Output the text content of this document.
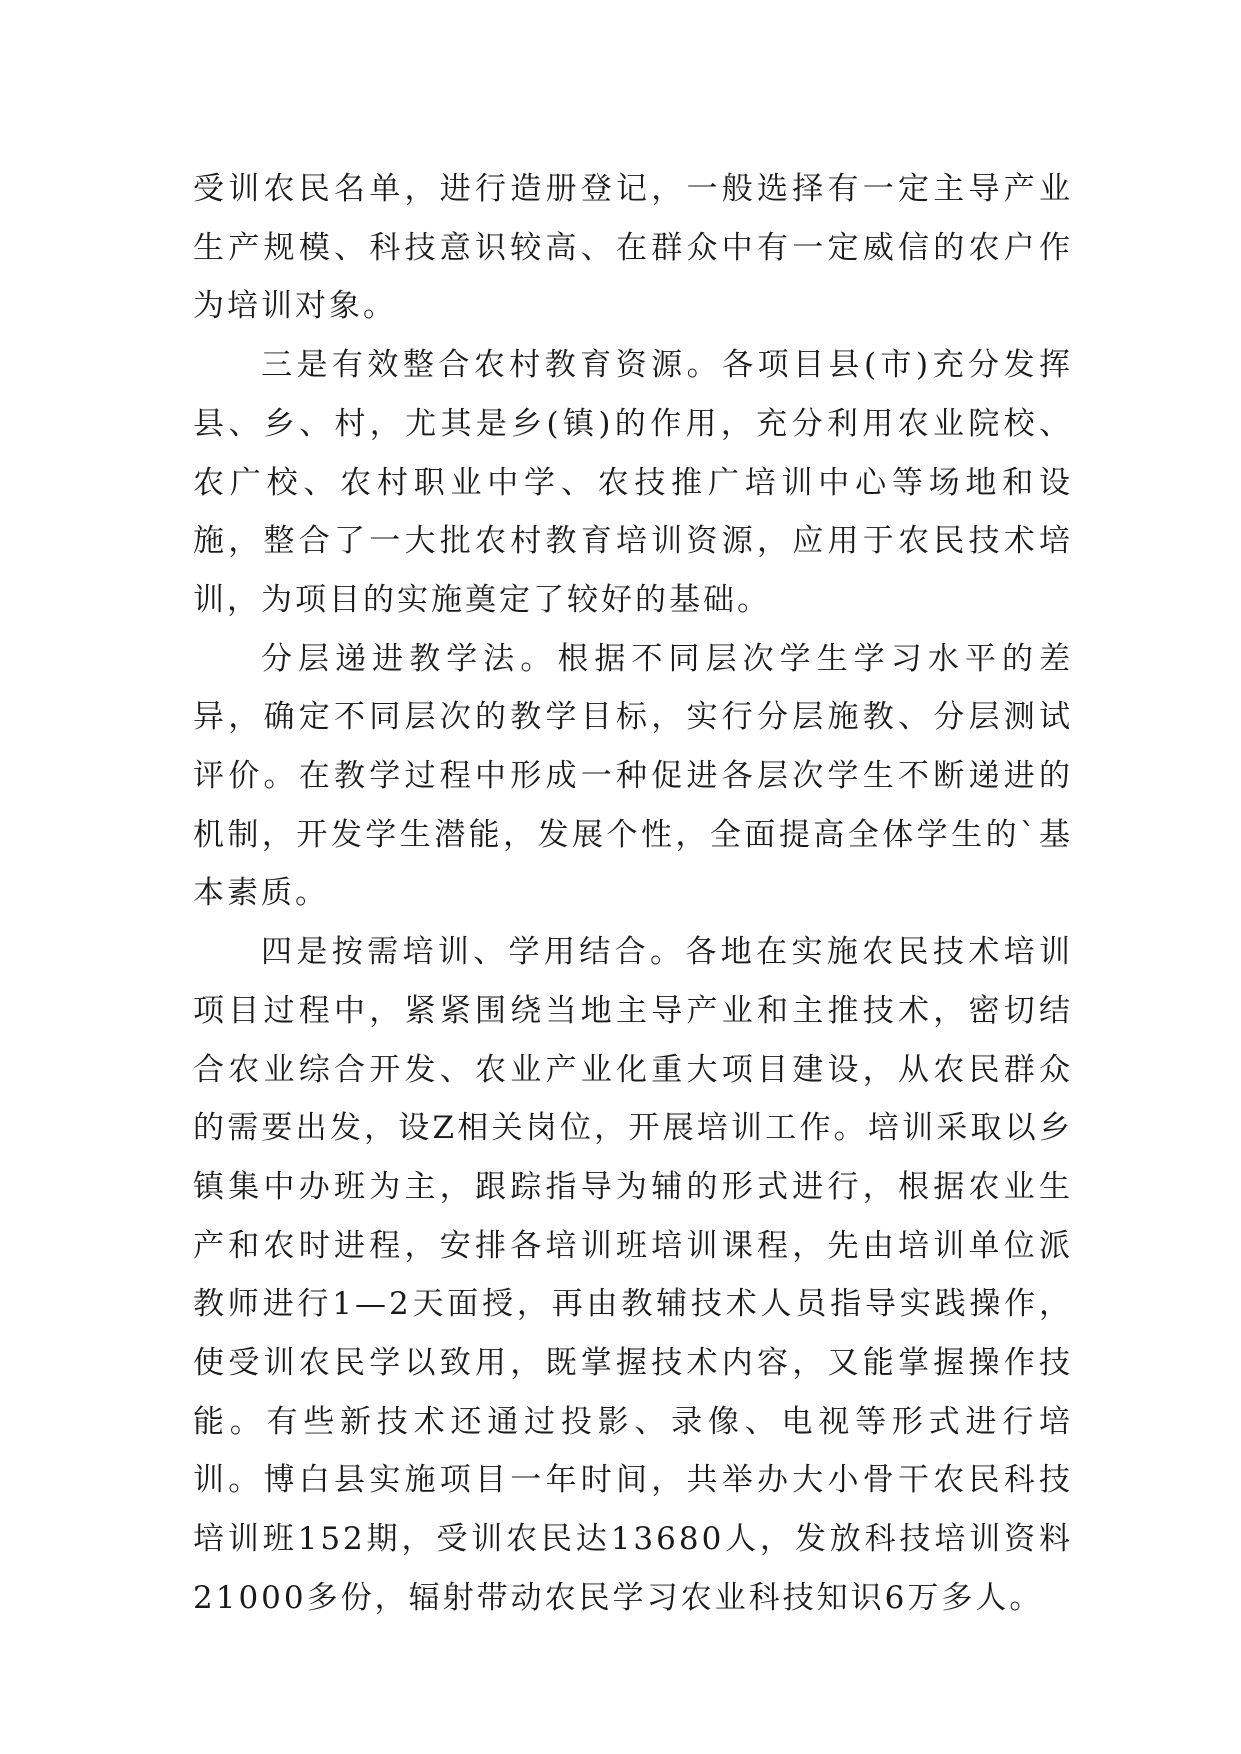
受训农民名单，进行造册登记，一般选择有一定主导产业生产规模、科技意识较高、在群众中有一定威信的农户作为培训对象。

三是有效整合农村教育资源。各项目县(市)充分发挥县、乡、村，尤其是乡(镇)的作用，充分利用农业院校、农广校、农村职业中学、农技推广培训中心等场地和设施，整合了一大批农村教育培训资源，应用于农民技术培训，为项目的实施奠定了较好的基础。

分层递进教学法。根据不同层次学生学习水平的差异，确定不同层次的教学目标，实行分层施教、分层测试评价。在教学过程中形成一种促进各层次学生不断递进的机制，开发学生潜能，发展个性，全面提高全体学生的`基本素质。

四是按需培训、学用结合。各地在实施农民技术培训项目过程中，紧紧围绕当地主导产业和主推技术，密切结合农业综合开发、农业产业化重大项目建设，从农民群众的需要出发，设Z相关岗位，开展培训工作。培训采取以乡镇集中办班为主，跟踪指导为辅的形式进行，根据农业生产和农时进程，安排各培训班培训课程，先由培训单位派教师进行1—2天面授，再由教辅技术人员指导实践操作，使受训农民学以致用，既掌握技术内容，又能掌握操作技能。有些新技术还通过投影、录像、电视等形式进行培训。博白县实施项目一年时间，共举办大小骨干农民科技培训班152期，受训农民达13680人，发放科技培训资料21000多份，辐射带动农民学习农业科技知识6万多人。
